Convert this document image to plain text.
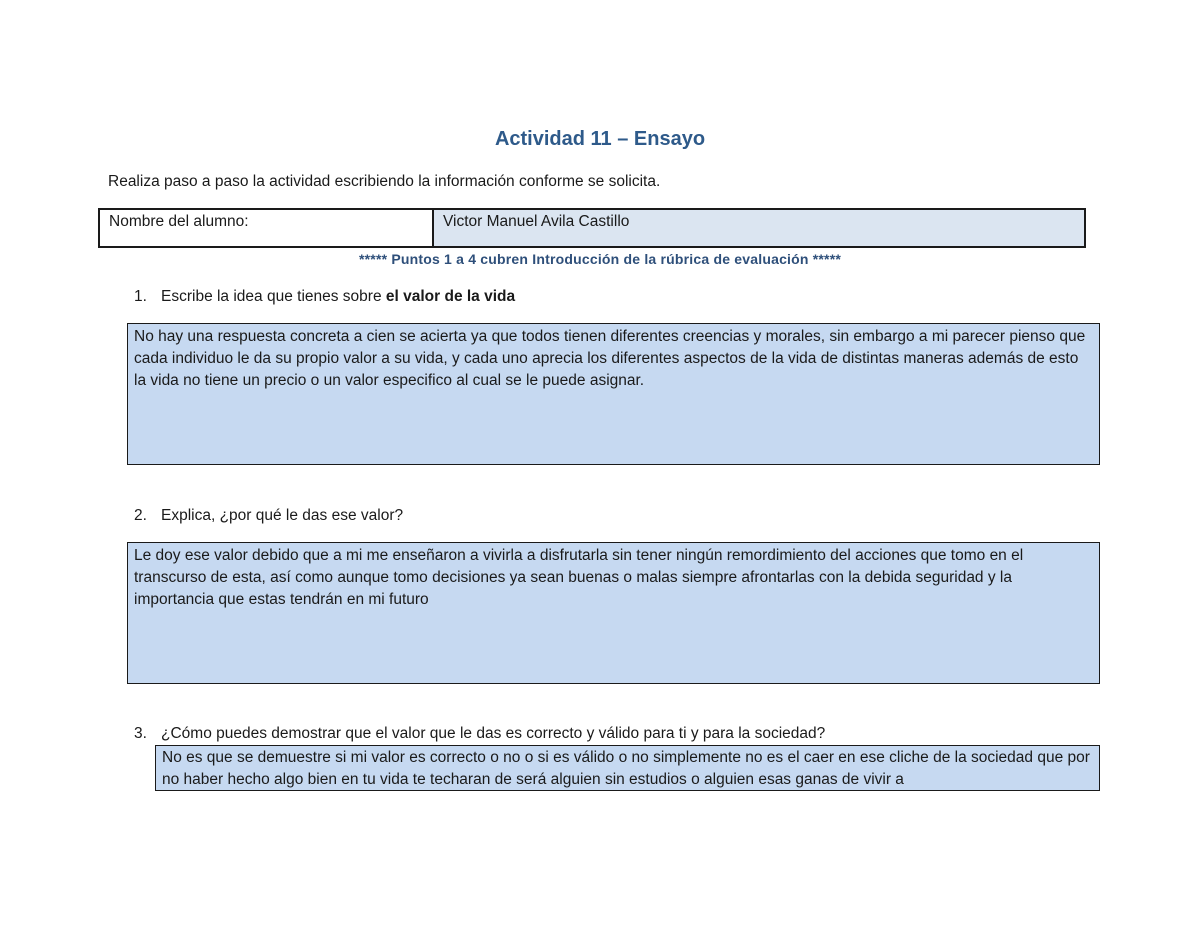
Actividad 11 – Ensayo
Realiza paso a paso la actividad escribiendo la información conforme se solicita.
Nombre del alumno:	Victor Manuel Avila Castillo
***** Puntos 1 a 4 cubren Introducción de la rúbrica de evaluación *****
1. Escribe la idea que tienes sobre el valor de la vida
No hay una respuesta concreta a cien se acierta ya que todos tienen diferentes creencias y morales, sin embargo a mi parecer pienso que cada individuo le da su propio valor a su vida, y cada uno aprecia los diferentes aspectos de la vida de distintas maneras además de esto la vida no tiene un precio o un valor especifico al cual se le puede asignar.
2. Explica, ¿por qué le das ese valor?
Le doy ese valor debido que a mi me enseñaron a vivirla a disfrutarla sin tener ningún remordimiento del acciones que tomo en el transcurso de esta, así como aunque tomo decisiones ya sean buenas o malas siempre afrontarlas con la debida seguridad y la importancia que estas tendrán en mi futuro
3. ¿Cómo puedes demostrar que el valor que le das es correcto y válido para ti y para la sociedad?
No es que se demuestre si mi valor es correcto o no o si es válido o no simplemente no es el caer en ese cliche de la sociedad que por no haber hecho algo bien en tu vida te techaran de será alguien sin estudios o alguien esas ganas de vivir a
